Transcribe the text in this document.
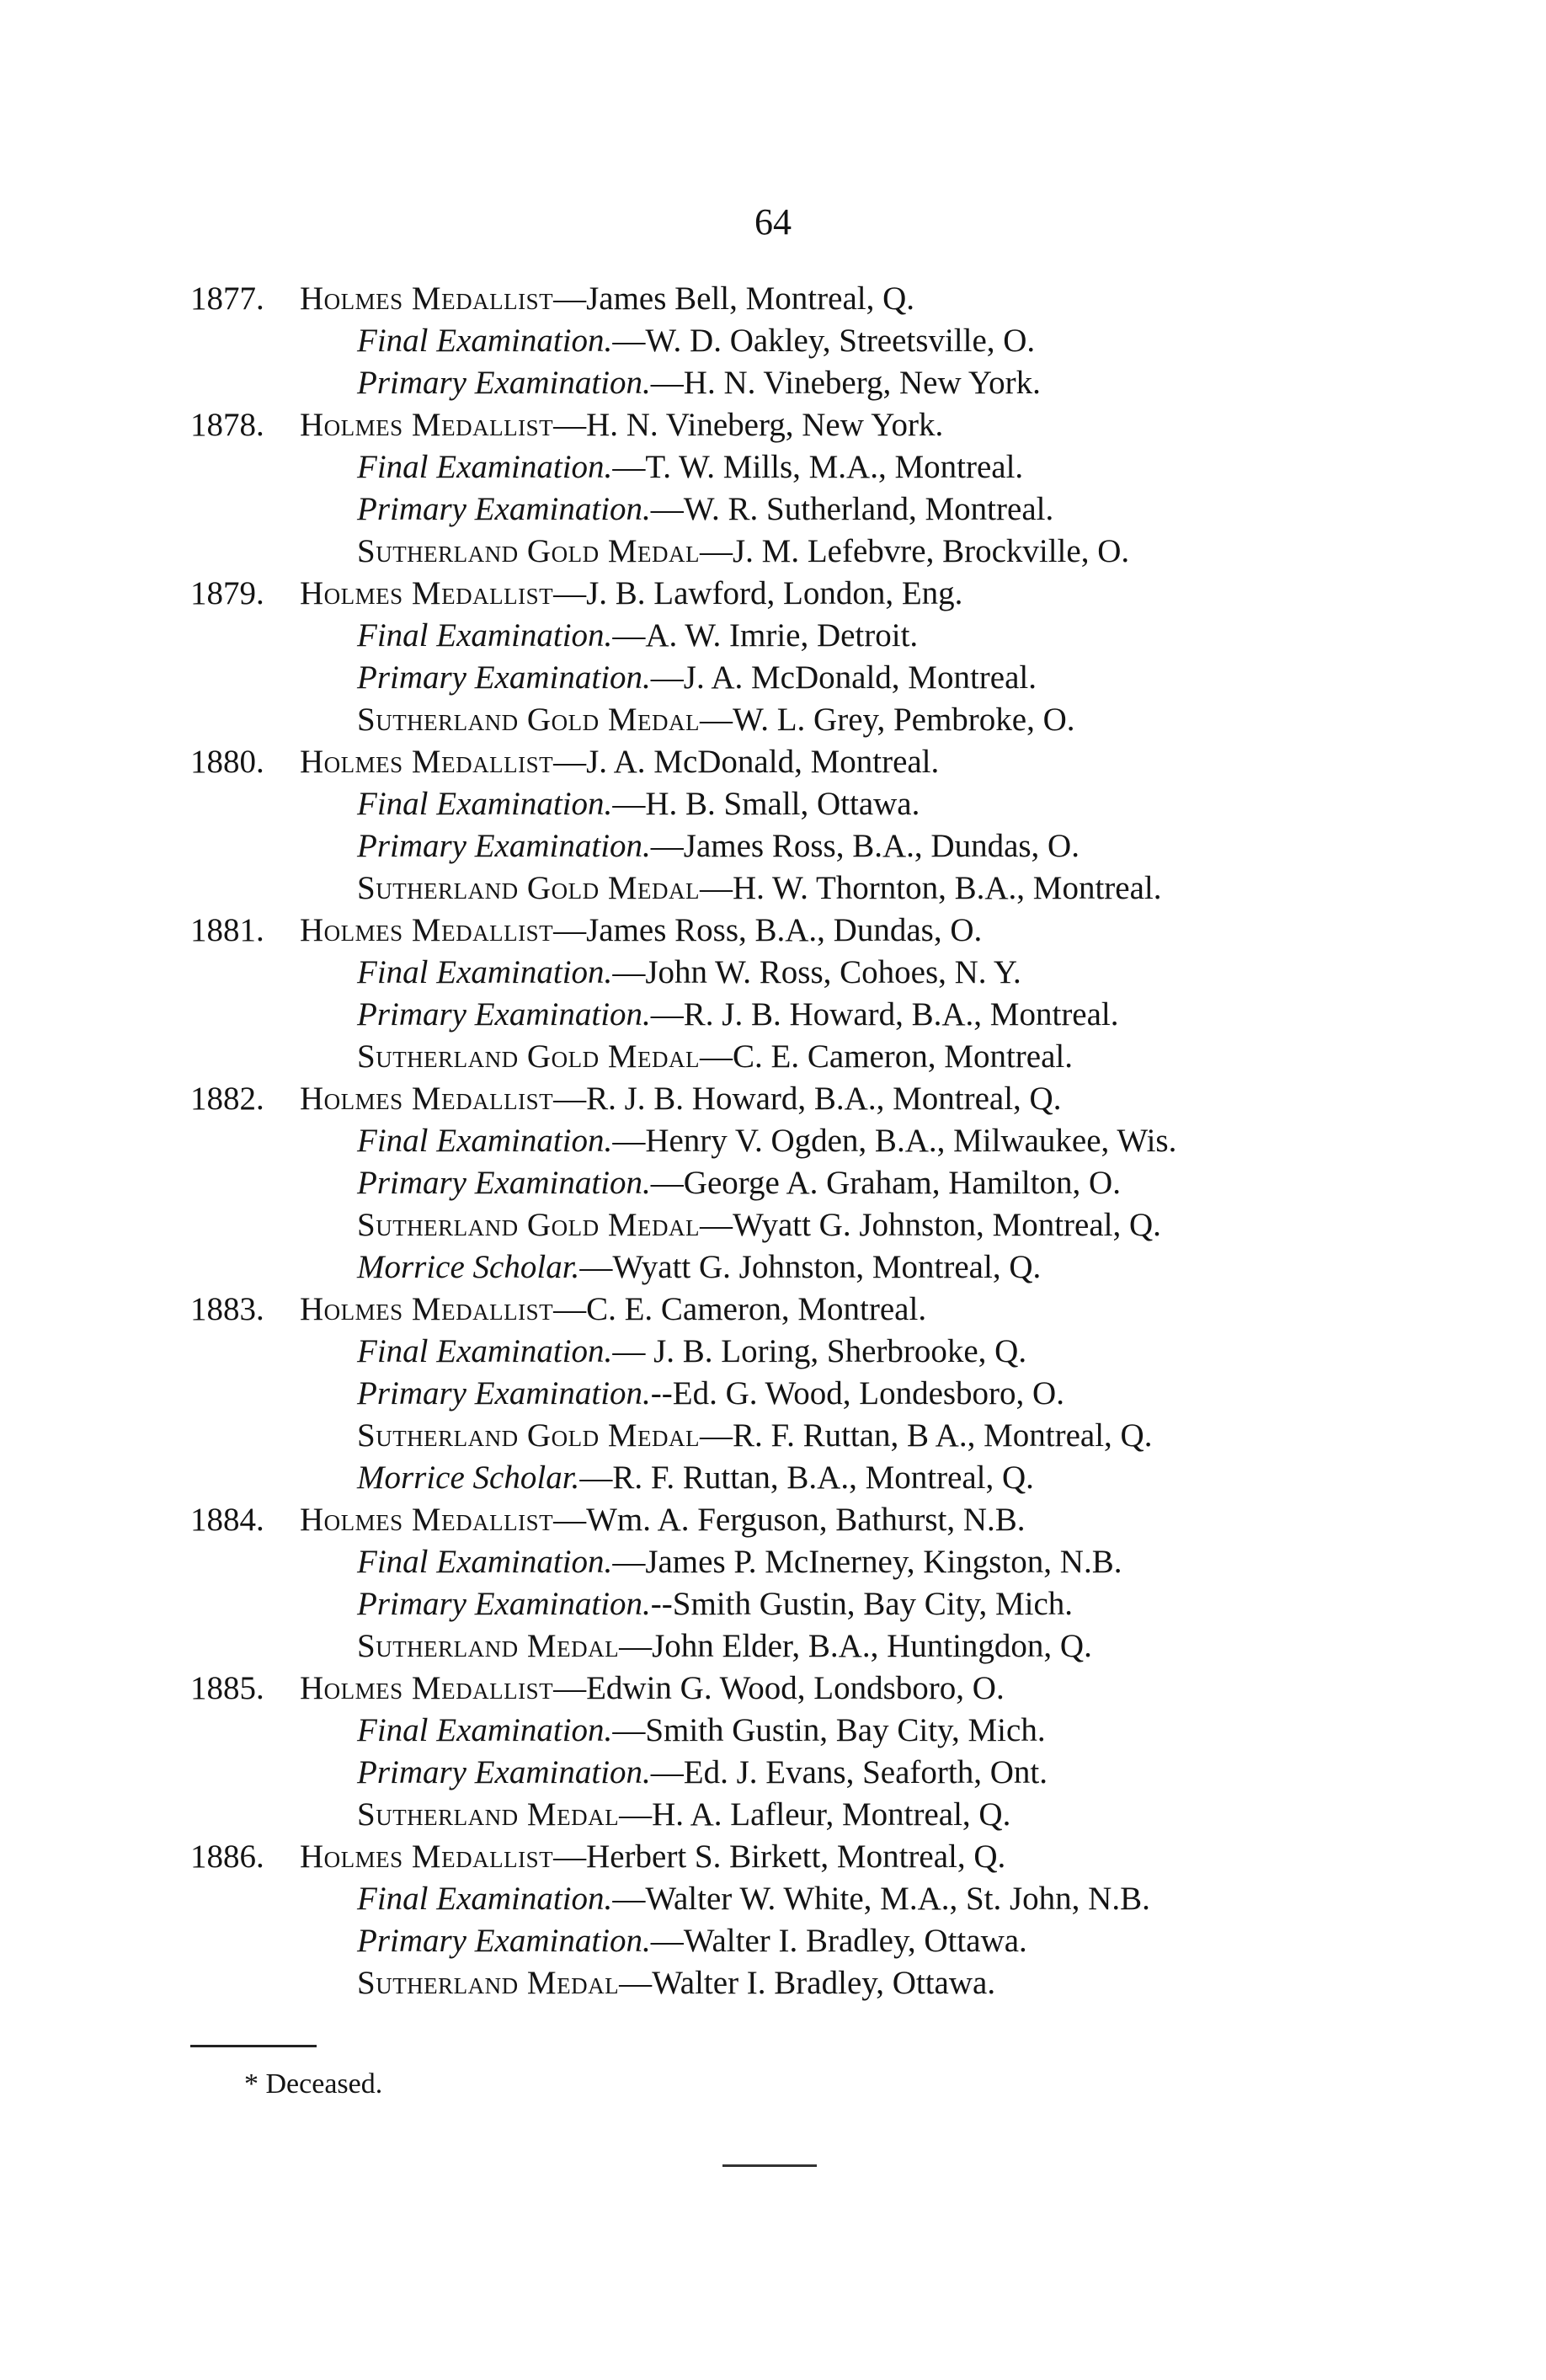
64
1877.	Holmes Medallist—James Bell, Montreal, Q.
Final Examination.—W. D. Oakley, Streetsville, O.
Primary Examination.—H. N. Vineberg, New York.
1878.	Holmes Medallist—H. N. Vineberg, New York.
Final Examination.—T. W. Mills, M.A., Montreal.
Primary Examination.—W. R. Sutherland, Montreal.
Sutherland Gold Medal—J. M. Lefebvre, Brockville, O.
1879.	Holmes Medallist—J. B. Lawford, London, Eng.
Final Examination.—A. W. Imrie, Detroit.
Primary Examination.—J. A. McDonald, Montreal.
Sutherland Gold Medal—W. L. Grey, Pembroke, O.
1880.	Holmes Medallist—J. A. McDonald, Montreal.
Final Examination.—H. B. Small, Ottawa.
Primary Examination.—James Ross, B.A., Dundas, O.
Sutherland Gold Medal—H. W. Thornton, B.A., Montreal.
1881.	Holmes Medallist—James Ross, B.A., Dundas, O.
Final Examination.—John W. Ross, Cohoes, N. Y.
Primary Examination.—R. J. B. Howard, B.A., Montreal.
Sutherland Gold Medal—C. E. Cameron, Montreal.
1882.	Holmes Medallist—R. J. B. Howard, B.A., Montreal, Q.
Final Examination.—Henry V. Ogden, B.A., Milwaukee, Wis.
Primary Examination.—George A. Graham, Hamilton, O.
Sutherland Gold Medal—Wyatt G. Johnston, Montreal, Q.
Morrice Scholar.—Wyatt G. Johnston, Montreal, Q.
1883.	Holmes Medallist—C. E. Cameron, Montreal.
Final Examination.— J. B. Loring, Sherbrooke, Q.
Primary Examination.--Ed. G. Wood, Londesboro, O.
Sutherland Gold Medal—R. F. Ruttan, B A., Montreal, Q.
Morrice Scholar.—R. F. Ruttan, B.A., Montreal, Q.
1884.	Holmes Medallist—Wm. A. Ferguson, Bathurst, N.B.
Final Examination.—James P. McInerney, Kingston, N.B.
Primary Examination.--Smith Gustin, Bay City, Mich.
Sutherland Medal—John Elder, B.A., Huntingdon, Q.
1885.	Holmes Medallist—Edwin G. Wood, Londsboro, O.
Final Examination.—Smith Gustin, Bay City, Mich.
Primary Examination.—Ed. J. Evans, Seaforth, Ont.
Sutherland Medal—H. A. Lafleur, Montreal, Q.
1886.	Holmes Medallist—Herbert S. Birkett, Montreal, Q.
Final Examination.—Walter W. White, M.A., St. John, N.B.
Primary Examination.—Walter I. Bradley, Ottawa.
Sutherland Medal—Walter I. Bradley, Ottawa.
* Deceased.
